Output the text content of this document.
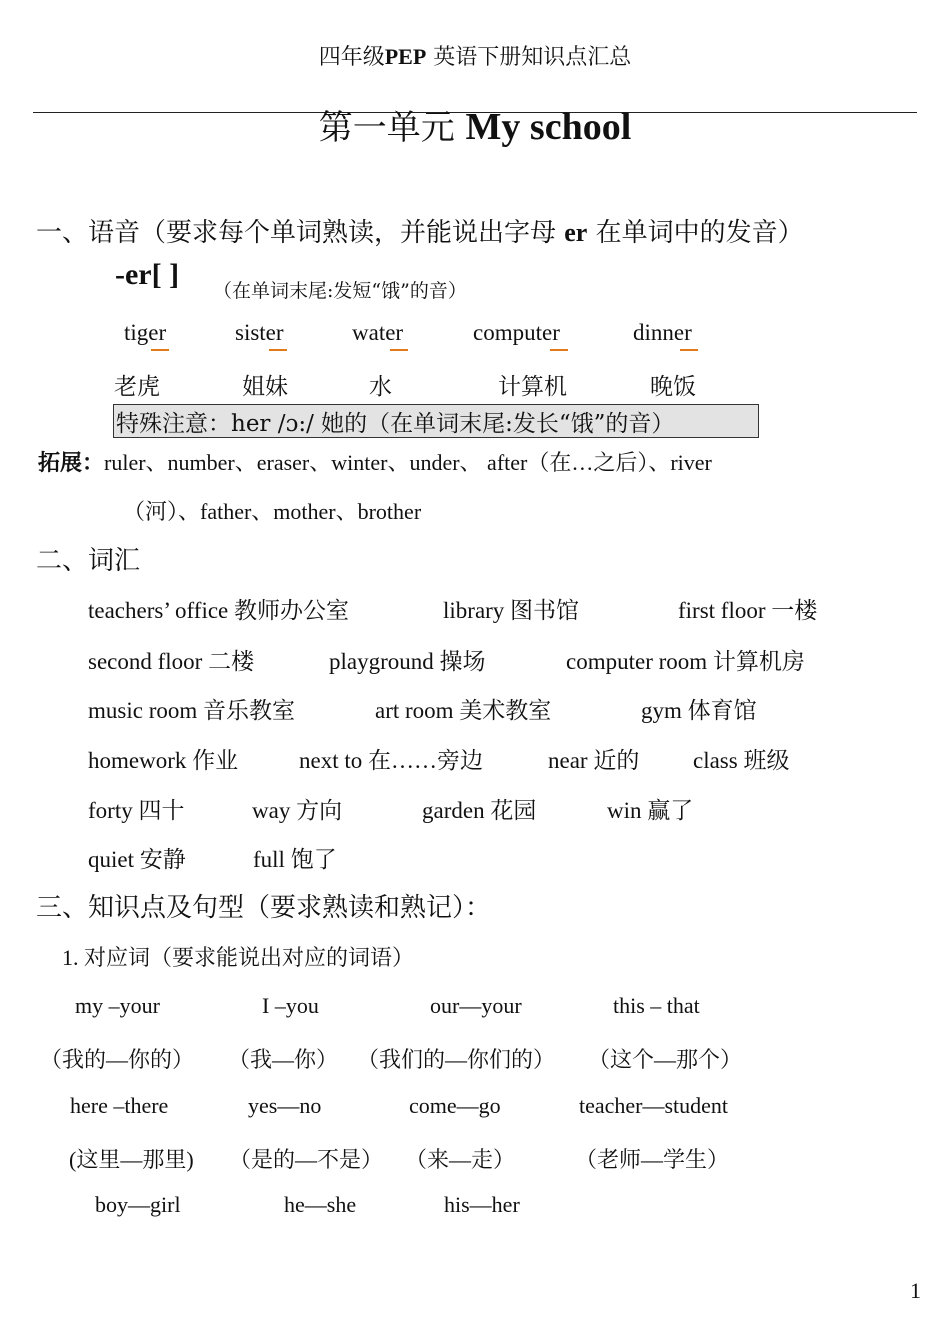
四年级PEP 英语下册知识点汇总
第一单元 My school
一、语音（要求每个单词熟读，并能说出字母 er 在单词中的发音）
-er[ ] （在单词末尾:发短“饿”的音）
tiger	sister	water	computer	dinner
老虎	姐妹	水	计算机	晚饭
特殊注意：her /ɔ:/ 她的（在单词末尾:发长“饿”的音）
拓展：ruler、number、eraser、winter、under、 after（在…之后）、river
（河）、father、mother、brother
二、词汇
teachers’ office 教师办公室	library 图书馆	first floor 一楼
second floor 二楼	playground 操场	computer room 计算机房
music room 音乐教室	art room 美术教室	gym 体育馆
homework 作业	next to 在……旁边	near 近的 class 班级
forty 四十	way 方向	garden 花园	win 赢了
quiet 安静	full 饱了
三、知识点及句型（要求熟读和熟记）：
1. 对应词（要求能说出对应的词语）
my –your	I –you	our—your	this – that
（我的—你的） （我—你） （我们的—你们的） （这个—那个）
here –there	yes—no	come—go	teacher—student
(这里—那里) （是的—不是） （来—走）	（老师—学生）
boy—girl	he—she	his—her
1
